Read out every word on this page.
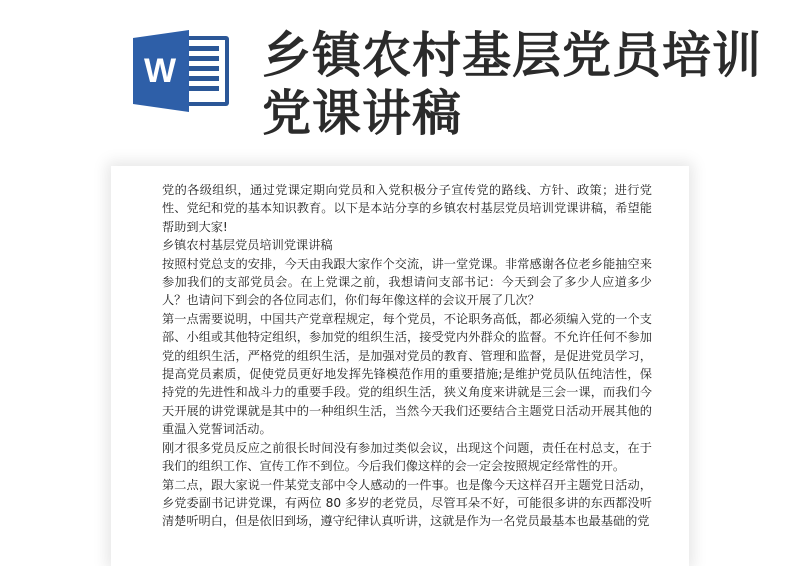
W 乡镇农村基层党员培训党课讲稿

党的各级组织，通过党课定期向党员和入党积极分子宣传党的路线、方针、政策；进行党性、党纪和党的基本知识教育。以下是本站分享的乡镇农村基层党员培训党课讲稿，希望能帮助到大家!

乡镇农村基层党员培训党课讲稿

按照村党总支的安排，今天由我跟大家作个交流，讲一堂党课。非常感谢各位老乡能抽空来参加我们的支部党员会。在上党课之前，我想请问支部书记：今天到会了多少人应道多少人？也请问下到会的各位同志们，你们每年像这样的会议开展了几次？

第一点需要说明，中国共产党章程规定，每个党员，不论职务高低，都必须编入党的一个支部、小组或其他特定组织，参加党的组织生活，接受党内外群众的监督。不允许任何不参加党的组织生活，严格党的组织生活，是加强对党员的教育、管理和监督，是促进党员学习，提高党员素质，促使党员更好地发挥先锋模范作用的重要措施;是维护党员队伍纯洁性，保持党的先进性和战斗力的重要手段。党的组织生活，狭义角度来讲就是三会一课，而我们今天开展的讲党课就是其中的一种组织生活，当然今天我们还要结合主题党日活动开展其他的重温入党誓词活动。

刚才很多党员反应之前很长时间没有参加过类似会议，出现这个问题，责任在村总支，在于我们的组织工作、宣传工作不到位。今后我们像这样的会一定会按照规定经常性的开。

第二点，跟大家说一件某党支部中令人感动的一件事。也是像今天这样召开主题党日活动，乡党委副书记讲党课，有两位 80 多岁的老党员，尽管耳朵不好，可能很多讲的东西都没听清楚听明白，但是依旧到场，遵守纪律认真听讲，这就是作为一名党员最基本也最基础的党
